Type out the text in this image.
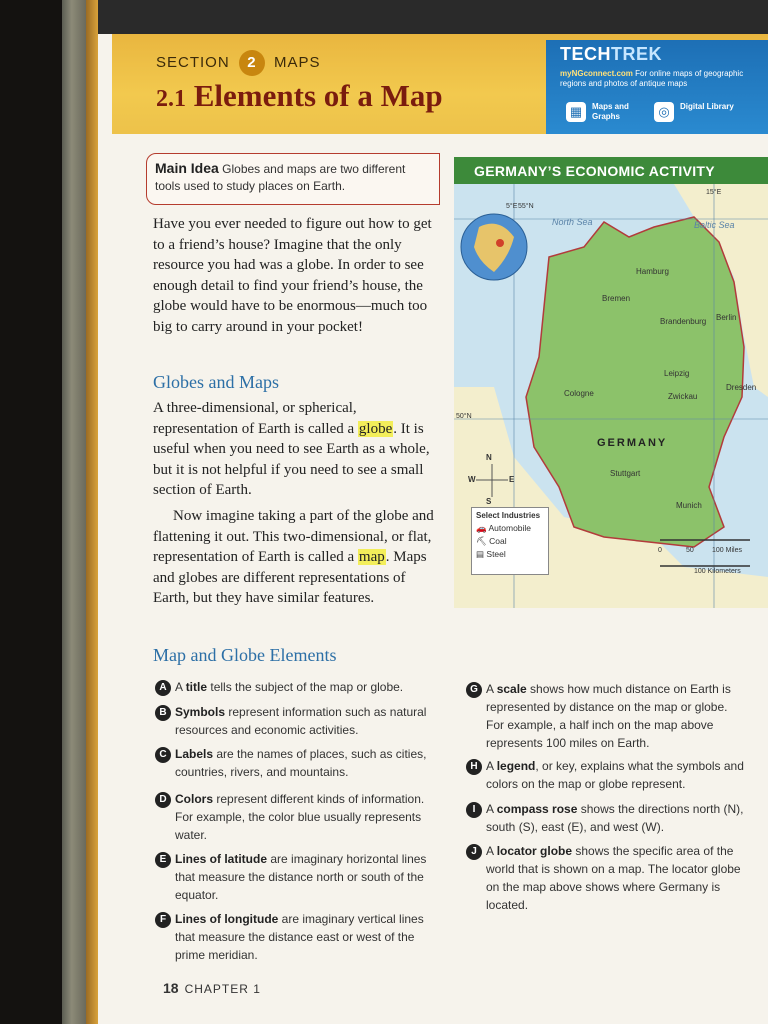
SECTION 2 MAPS
2.1 Elements of a Map
TECHTREK
myNGconnect.com For online maps of geographic regions and photos of antique maps
▦	Maps and Graphs	◎	Digital Library
Main Idea Globes and maps are two different tools used to study places on Earth.
Have you ever needed to figure out how to get to a friend’s house? Imagine that the only resource you had was a globe. In order to see enough detail to find your friend’s house, the globe would have to be enormous—much too big to carry around in your pocket!
Globes and Maps
A three-dimensional, or spherical, representation of Earth is called a globe. It is useful when you need to see Earth as a whole, but it is not helpful if you need to see a small section of Earth.
Now imagine taking a part of the globe and flattening it out. This two-dimensional, or flat, representation of Earth is called a map. Maps and globes are different representations of Earth, but they have similar features.
Map and Globe Elements
A A title tells the subject of the map or globe.
B Symbols represent information such as natural resources and economic activities.
C Labels are the names of places, such as cities, countries, rivers, and mountains.
D Colors represent different kinds of information. For example, the color blue usually represents water.
E Lines of latitude are imaginary horizontal lines that measure the distance north or south of the equator.
F Lines of longitude are imaginary vertical lines that measure the distance east or west of the prime meridian.
G A scale shows how much distance on Earth is represented by distance on the map or globe. For example, a half inch on the map above represents 100 miles on Earth.
H A legend, or key, explains what the symbols and colors on the map or globe represent.
I A compass rose shows the directions north (N), south (S), east (E), and west (W).
J A locator globe shows the specific area of the world that is shown on a map. The locator globe on the map above shows where Germany is located.
GERMANY’S ECONOMIC ACTIVITY
North Sea	Baltic Sea
GERMANY
55°N
50°N
5°E
15°E
Hamburg
Bremen
Berlin
Brandenburg
Leipzig
Dresden
Zwickau
Cologne
Stuttgart
Munich
N
S
E
W
0	50	100 Miles
100 Kilometers
Select Industries
🚗 Automobile
⛏ Coal
▤ Steel
18 CHAPTER 1
